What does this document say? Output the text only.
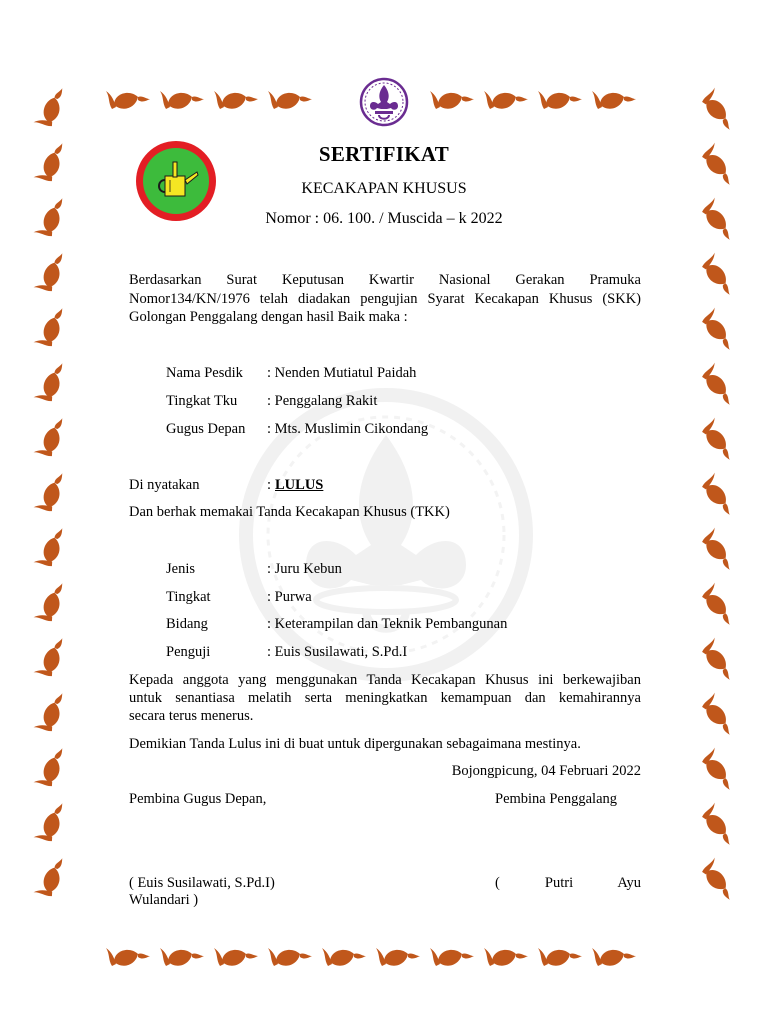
SERTIFIKAT
KECAKAPAN KHUSUS
Nomor : 06. 100. / Muscida – k 2022
Berdasarkan Surat Keputusan Kwartir Nasional Gerakan Pramuka
Nomor134/KN/1976 telah diadakan pengujian Syarat Kecakapan Khusus (SKK)
Golongan Penggalang dengan hasil Baik maka :
Nama Pesdik : Nenden Mutiatul Paidah
Tingkat Tku : Penggalang Rakit
Gugus Depan : Mts. Muslimin Cikondang
Di nyatakan	: LULUS
Dan berhak memakai Tanda Kecakapan Khusus (TKK)
Jenis	: Juru Kebun
Tingkat	: Purwa
Bidang	: Keterampilan dan Teknik Pembangunan
Penguji	: Euis Susilawati, S.Pd.I
Kepada anggota yang menggunakan Tanda Kecakapan Khusus ini berkewajiban
untuk senantiasa melatih serta meningkatkan kemampuan dan kemahirannya
secara terus menerus.
Demikian Tanda Lulus ini di buat untuk dipergunakan sebagaimana mestinya.
Bojongpicung, 04 Februari 2022
Pembina Gugus Depan,	Pembina Penggalang
( Euis Susilawati, S.Pd.I)	( Putri Ayu
Wulandari )
